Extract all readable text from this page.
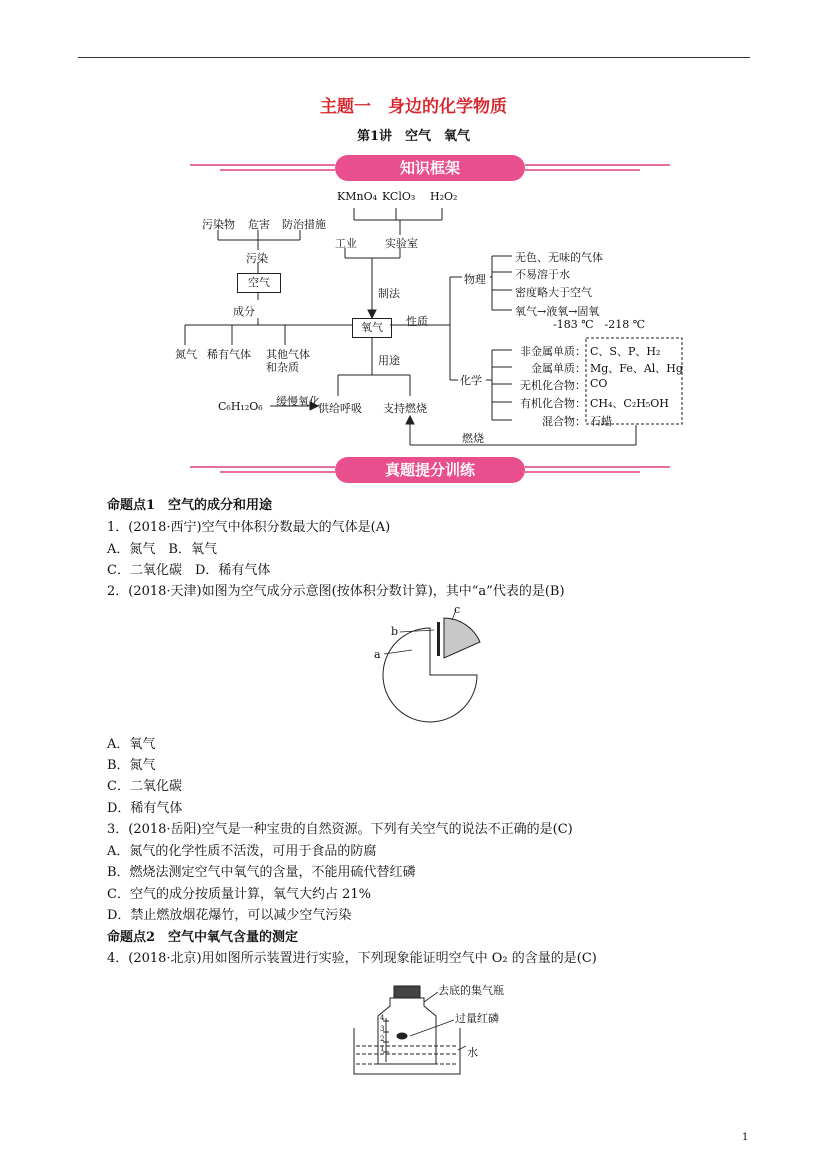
主题一　身边的化学物质
第1讲　空气　氧气
知识框架
KMnO₄ KClO₃ H₂O₂
工业	实验室
制法
污染物 危害 防治措施
污染
空气
成分
氮气 稀有气体 其他气体
和杂质
氧气	性质
物理
无色、无味的气体
不易溶于水
密度略大于空气
氧气→液氧→固氧
-183 ℃　-218 ℃
化学
非金属单质： C、S、P、H₂
金属单质： Mg、Fe、Al、Hg
无机化合物： CO
有机化合物： CH₄、C₂H₅OH
混合物： 石蜡
用途
C₆H₁₂O₆ 缓慢氧化
供给呼吸 支持燃烧
燃烧
真题提分训练
命题点1　空气的成分和用途
1．(2018·西宁)空气中体积分数最大的气体是(A)
A．氮气　B．氧气
C．二氧化碳　D．稀有气体
2．(2018·天津)如图为空气成分示意图(按体积分数计算)，其中“a”代表的是(B)
a
b
c
A．氧气
B．氮气
C．二氧化碳
D．稀有气体
3．(2018·岳阳)空气是一种宝贵的自然资源。下列有关空气的说法不正确的是(C)
A．氮气的化学性质不活泼，可用于食品的防腐
B．燃烧法测定空气中氧气的含量，不能用硫代替红磷
C．空气的成分按质量计算，氧气大约占 21%
D．禁止燃放烟花爆竹，可以减少空气污染
命题点2　空气中氧气含量的测定
4．(2018·北京)用如图所示装置进行实验，下列现象能证明空气中 O₂ 的含量的是(C)
去底的集气瓶
过量红磷
水
4
3
2
1
1
